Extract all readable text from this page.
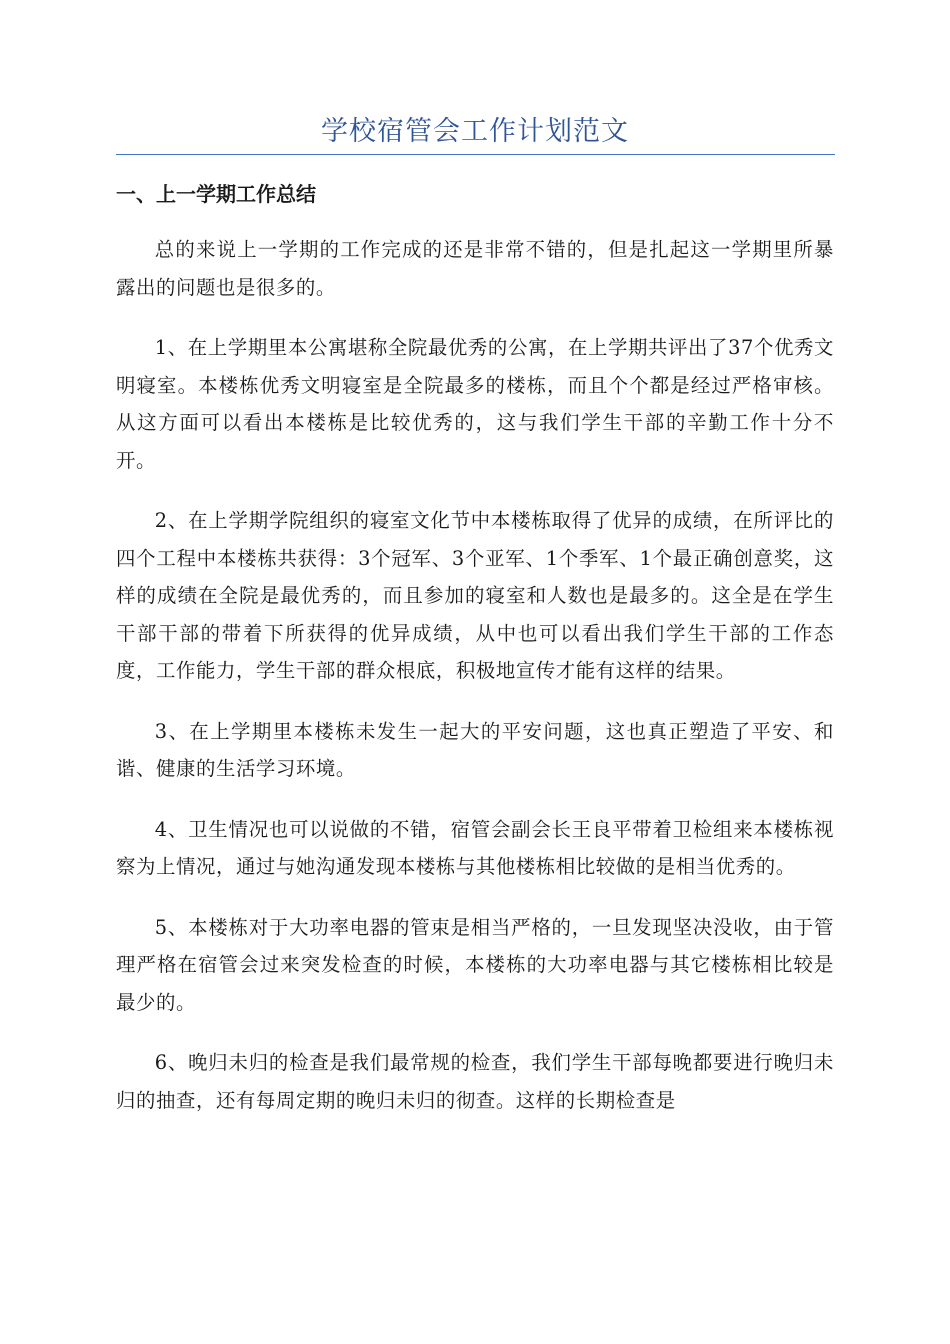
学校宿管会工作计划范文
一、上一学期工作总结

总的来说上一学期的工作完成的还是非常不错的，但是扎起这一学期里所暴露出的问题也是很多的。

1、在上学期里本公寓堪称全院最优秀的公寓，在上学期共评出了37个优秀文明寝室。本楼栋优秀文明寝室是全院最多的楼栋，而且个个都是经过严格审核。从这方面可以看出本楼栋是比较优秀的，这与我们学生干部的辛勤工作十分不开。

2、在上学期学院组织的寝室文化节中本楼栋取得了优异的成绩，在所评比的四个工程中本楼栋共获得：3个冠军、3个亚军、1个季军、1个最正确创意奖，这样的成绩在全院是最优秀的，而且参加的寝室和人数也是最多的。这全是在学生干部干部的带着下所获得的优异成绩，从中也可以看出我们学生干部的工作态度，工作能力，学生干部的群众根底，积极地宣传才能有这样的结果。

3、在上学期里本楼栋未发生一起大的平安问题，这也真正塑造了平安、和谐、健康的生活学习环境。

4、卫生情况也可以说做的不错，宿管会副会长王良平带着卫检组来本楼栋视察为上情况，通过与她沟通发现本楼栋与其他楼栋相比较做的是相当优秀的。

5、本楼栋对于大功率电器的管束是相当严格的，一旦发现坚决没收，由于管理严格在宿管会过来突发检查的时候，本楼栋的大功率电器与其它楼栋相比较是最少的。

6、晚归未归的检查是我们最常规的检查，我们学生干部每晚都要进行晚归未归的抽查，还有每周定期的晚归未归的彻查。这样的长期检查是
